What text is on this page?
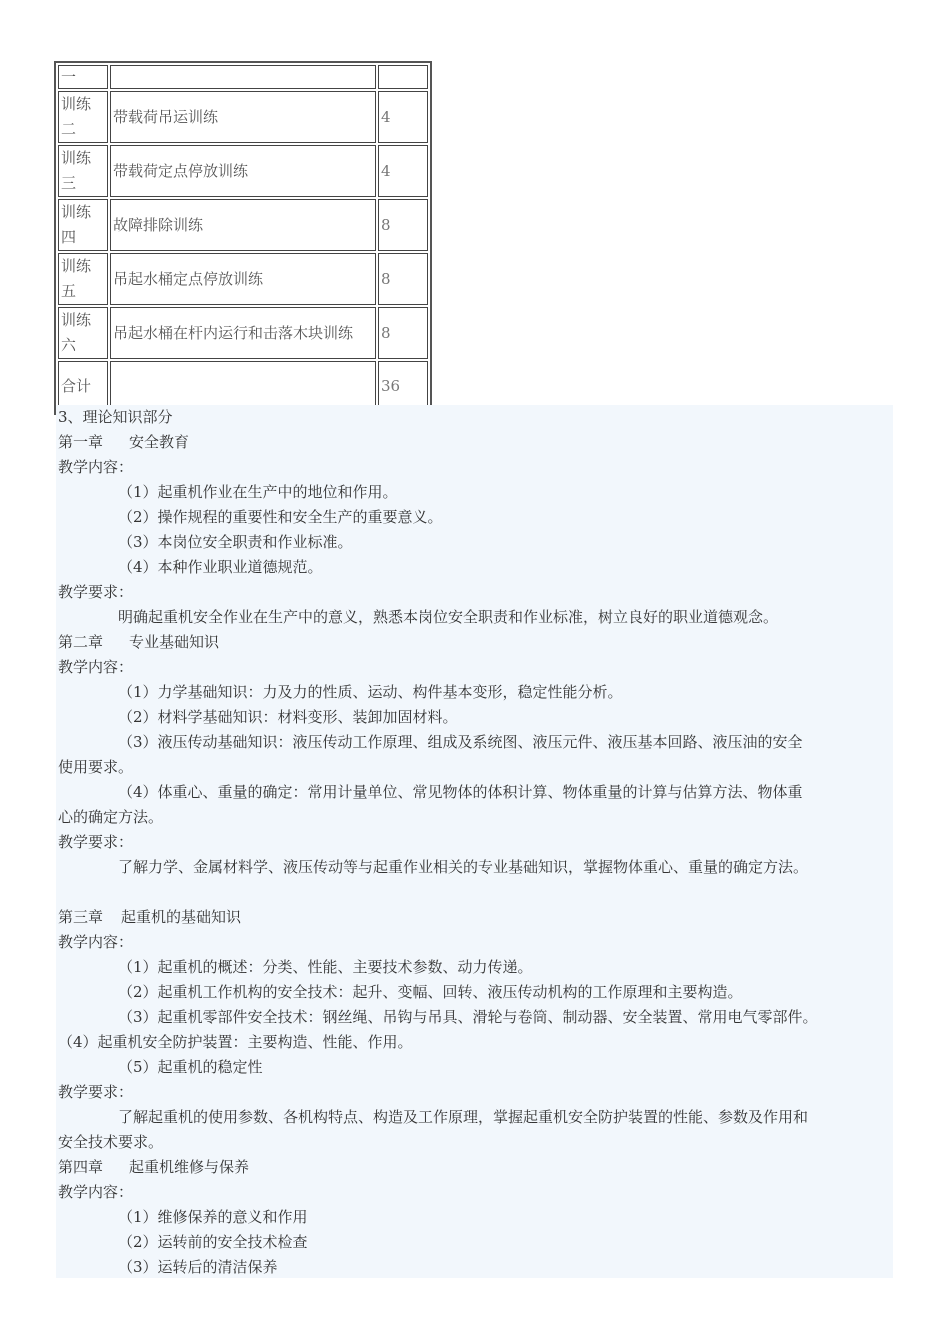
一		
训练二	带载荷吊运训练	4
训练三	带载荷定点停放训练	4
训练四	故障排除训练	8
训练五	吊起水桶定点停放训练	8
训练六	吊起水桶在杆内运行和击落木块训练	8
合计		36
3、理论知识部分
第一章 安全教育
教学内容：
（1）起重机作业在生产中的地位和作用。
（2）操作规程的重要性和安全生产的重要意义。
（3）本岗位安全职责和作业标准。
（4）本种作业职业道德规范。
教学要求：
明确起重机安全作业在生产中的意义，熟悉本岗位安全职责和作业标准，树立良好的职业道德观念。
第二章 专业基础知识
教学内容：
（1）力学基础知识：力及力的性质、运动、构件基本变形，稳定性能分析。
（2）材料学基础知识：材料变形、装卸加固材料。
（3）液压传动基础知识：液压传动工作原理、组成及系统图、液压元件、液压基本回路、液压油的安全
使用要求。
（4）体重心、重量的确定：常用计量单位、常见物体的体积计算、物体重量的计算与估算方法、物体重
心的确定方法。
教学要求：
了解力学、金属材料学、液压传动等与起重作业相关的专业基础知识，掌握物体重心、重量的确定方法。
第三章 起重机的基础知识
教学内容：
（1）起重机的概述：分类、性能、主要技术参数、动力传递。
（2）起重机工作机构的安全技术：起升、变幅、回转、液压传动机构的工作原理和主要构造。
（3）起重机零部件安全技术：钢丝绳、吊钩与吊具、滑轮与卷筒、制动器、安全装置、常用电气零部件。
（4）起重机安全防护装置：主要构造、性能、作用。
（5）起重机的稳定性
教学要求：
了解起重机的使用参数、各机构特点、构造及工作原理，掌握起重机安全防护装置的性能、参数及作用和
安全技术要求。
第四章 起重机维修与保养
教学内容：
（1）维修保养的意义和作用
（2）运转前的安全技术检查
（3）运转后的清洁保养
